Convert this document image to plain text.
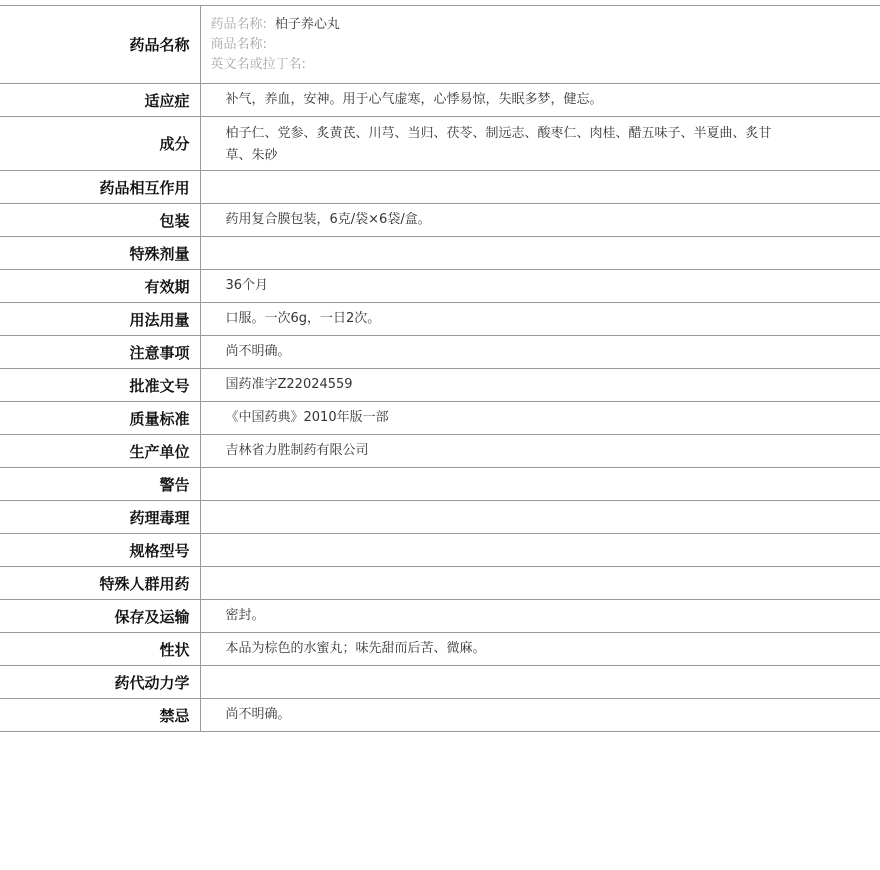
药品名称	药品名称: 柏子养心丸
商品名称:
英文名或拉丁名:

适应症	补气，养血，安神。用于心气虚寒，心悸易惊，失眠多梦，健忘。
成分	柏子仁、党参、炙黄芪、川芎、当归、茯苓、制远志、酸枣仁、肉桂、醋五味子、半夏曲、炙甘草、朱砂

药品相互作用	
包装	药用复合膜包装，6克/袋×6袋/盒。
特殊剂量	
有效期	36个月
用法用量	口服。一次6g，一日2次。
注意事项	尚不明确。
批准文号	国药准字Z22024559
质量标准	《中国药典》2010年版一部
生产单位	吉林省力胜制药有限公司
警告	
药理毒理	
规格型号	
特殊人群用药	
保存及运输	密封。
性状	本品为棕色的水蜜丸；味先甜而后苦、微麻。
药代动力学	
禁忌	尚不明确。
